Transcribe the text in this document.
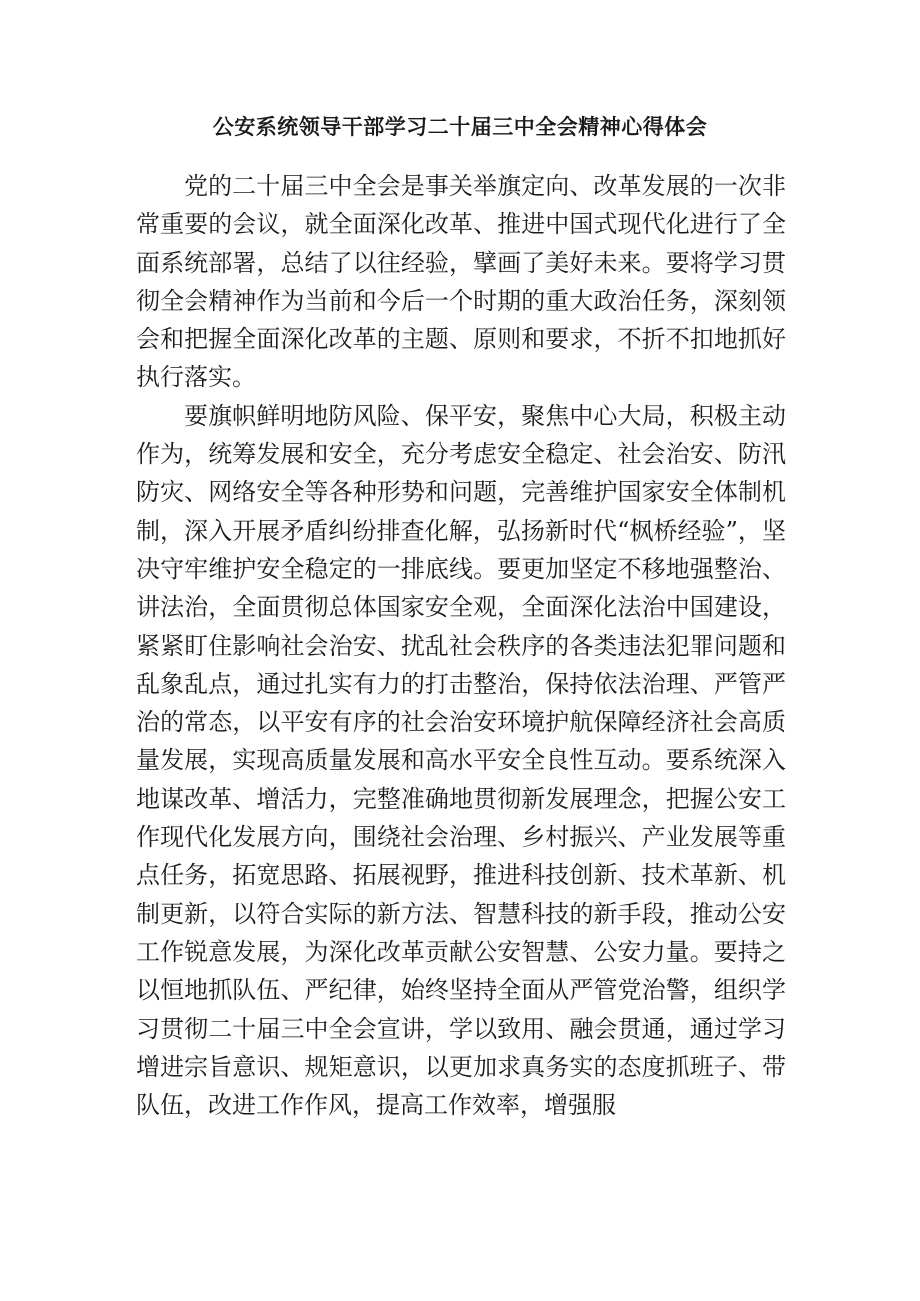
公安系统领导干部学习二十届三中全会精神心得体会

党的二十届三中全会是事关举旗定向、改革发展的一次非常重要的会议，就全面深化改革、推进中国式现代化进行了全面系统部署，总结了以往经验，擘画了美好未来。要将学习贯彻全会精神作为当前和今后一个时期的重大政治任务，深刻领会和把握全面深化改革的主题、原则和要求，不折不扣地抓好执行落实。

要旗帜鲜明地防风险、保平安，聚焦中心大局，积极主动作为，统筹发展和安全，充分考虑安全稳定、社会治安、防汛防灾、网络安全等各种形势和问题，完善维护国家安全体制机制，深入开展矛盾纠纷排查化解，弘扬新时代“枫桥经验”，坚决守牢维护安全稳定的一排底线。要更加坚定不移地强整治、讲法治，全面贯彻总体国家安全观，全面深化法治中国建设，紧紧盯住影响社会治安、扰乱社会秩序的各类违法犯罪问题和乱象乱点，通过扎实有力的打击整治，保持依法治理、严管严治的常态，以平安有序的社会治安环境护航保障经济社会高质量发展，实现高质量发展和高水平安全良性互动。要系统深入地谋改革、增活力，完整准确地贯彻新发展理念，把握公安工作现代化发展方向，围绕社会治理、乡村振兴、产业发展等重点任务，拓宽思路、拓展视野，推进科技创新、技术革新、机制更新，以符合实际的新方法、智慧科技的新手段，推动公安工作锐意发展，为深化改革贡献公安智慧、公安力量。要持之以恒地抓队伍、严纪律，始终坚持全面从严管党治警，组织学习贯彻二十届三中全会宣讲，学以致用、融会贯通，通过学习增进宗旨意识、规矩意识，以更加求真务实的态度抓班子、带队伍，改进工作作风，提高工作效率，增强服
